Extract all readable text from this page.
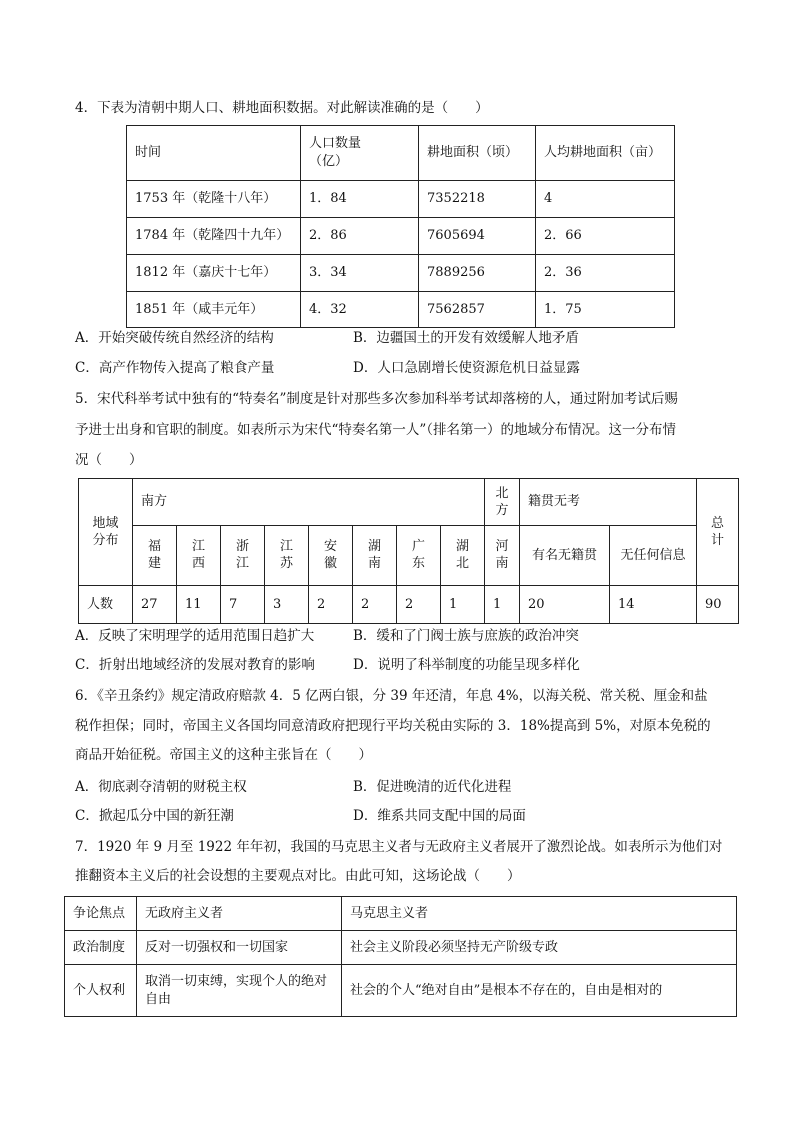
4．下表为清朝中期人口、耕地面积数据。对此解读准确的是（　　）
时间	人口数量（亿）	耕地面积（顷）	人均耕地面积（亩）
1753 年（乾隆十八年）	1．84	7352218	4
1784 年（乾隆四十九年）	2．86	7605694	2．66
1812 年（嘉庆十七年）	3．34	7889256	2．36
1851 年（咸丰元年）	4．32	7562857	1．75
A．开始突破传统自然经济的结构	B．边疆国土的开发有效缓解人地矛盾
C．高产作物传入提高了粮食产量	D．人口急剧增长使资源危机日益显露
5．宋代科举考试中独有的“特奏名”制度是针对那些多次参加科举考试却落榜的人，通过附加考试后赐
予进士出身和官职的制度。如表所示为宋代“特奏名第一人”（排名第一）的地域分布情况。这一分布情
况（　　）
地域分布	南方								北方	籍贯无考		总计
	福建	江西	浙江	江苏	安徽	湖南	广东	湖北	河南	有名无籍贯	无任何信息	
人数	27	11	7	3	2	2	2	1	1	20	14	90
A．反映了宋明理学的适用范围日趋扩大	B．缓和了门阀士族与庶族的政治冲突
C．折射出地域经济的发展对教育的影响	D．说明了科举制度的功能呈现多样化
6．《辛丑条约》规定清政府赔款 4．5 亿两白银，分 39 年还清，年息 4%，以海关税、常关税、厘金和盐
税作担保；同时，帝国主义各国均同意清政府把现行平均关税由实际的 3．18%提高到 5%，对原本免税的
商品开始征税。帝国主义的这种主张旨在（　　）
A．彻底剥夺清朝的财税主权	B．促进晚清的近代化进程
C．掀起瓜分中国的新狂潮	D．维系共同支配中国的局面
7．1920 年 9 月至 1922 年年初，我国的马克思主义者与无政府主义者展开了激烈论战。如表所示为他们对
推翻资本主义后的社会设想的主要观点对比。由此可知，这场论战（　　）
争论焦点	无政府主义者	马克思主义者
政治制度	反对一切强权和一切国家	社会主义阶段必须坚持无产阶级专政
个人权利	取消一切束缚，实现个人的绝对自由	社会的个人“绝对自由”是根本不存在的，自由是相对的
